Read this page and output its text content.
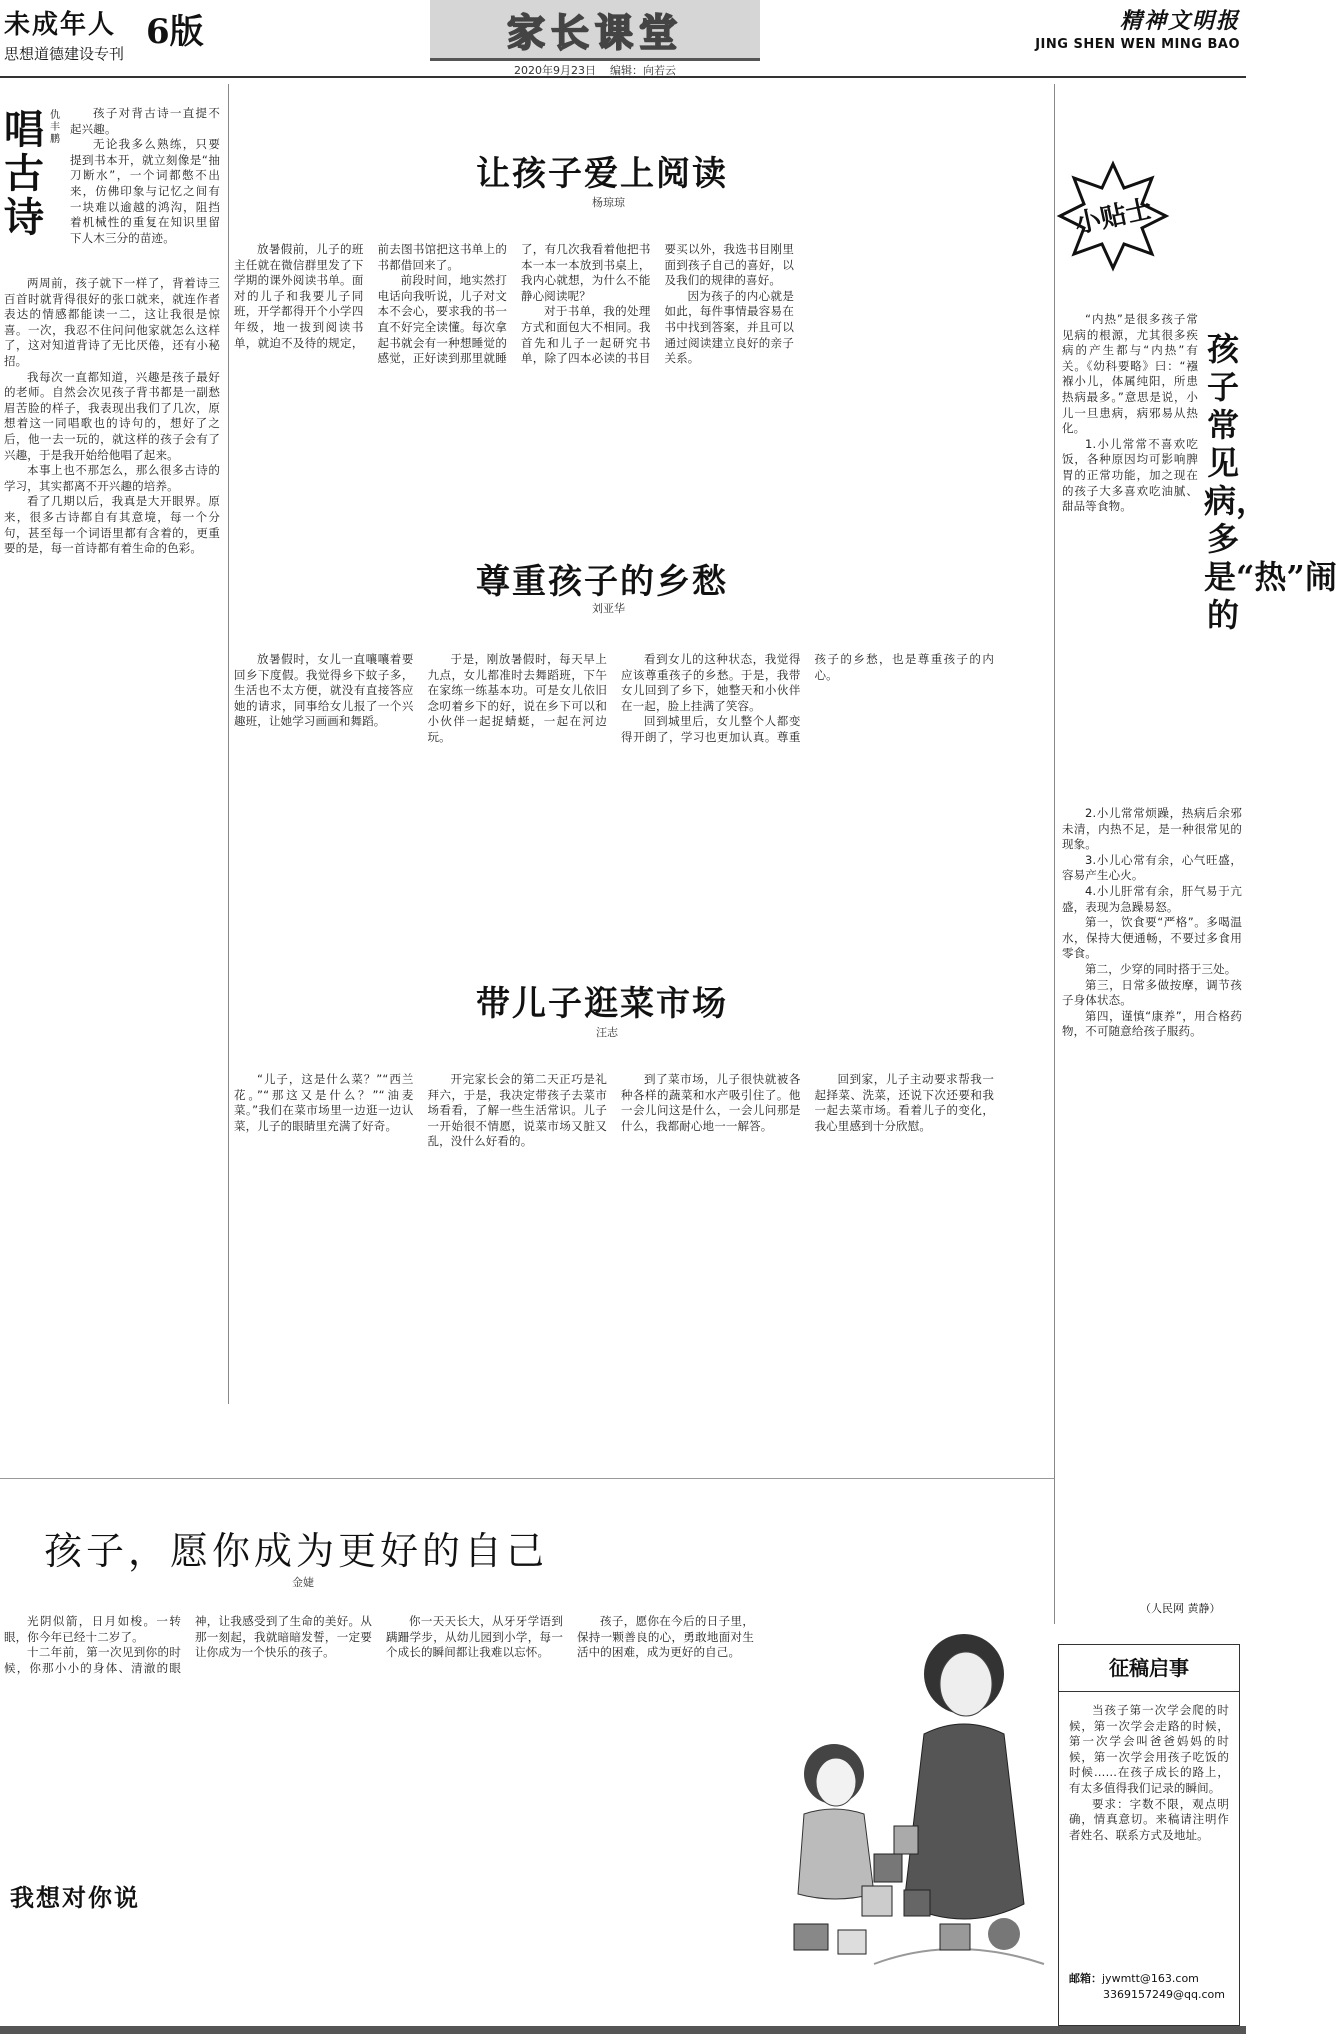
未成年人
思想道德建设专刊
6版	家长课堂
2020年9月23日 编辑：向若云
精神文明报
JING SHEN WEN MING BAO
唱古诗
仇丰鹏

孩子对背古诗一直提不起兴趣。

无论我多么熟练，只要提到书本开，就立刻像是“抽刀断水”，一个词都憋不出来，仿佛印象与记忆之间有一块难以逾越的鸿沟，阻挡着机械性的重复在知识里留下人木三分的苗迹。

两周前，孩子就下一样了，背着诗三百首时就背得很好的张口就来，就连作者表达的情感都能读一二，这让我很是惊喜。一次，我忍不住问问他家就怎么这样了，这对知道背诗了无比厌倦，还有小秘招。

我每次一直都知道，兴趣是孩子最好的老师。自然会次见孩子背书都是一副愁眉苦脸的样子，我表现出我们了几次，原想着这一同唱歌也的诗句的，想好了之后，他一去一玩的，就这样的孩子会有了兴趣，于是我开始给他唱了起来。

本事上也不那怎么，那么很多古诗的学习，其实都离不开兴趣的培养。

看了几期以后，我真是大开眼界。原来，很多古诗都自有其意境，每一个分句，甚至每一个词语里都有含着的，更重要的是，每一首诗都有着生命的色彩。

让孩子爱上阅读
杨琼琼

放暑假前，儿子的班主任就在微信群里发了下学期的课外阅读书单。面对的儿子和我要儿子同班，开学都得开个小学四年级，地一拔到阅读书单，就迫不及待的规定，前去图书馆把这书单上的书都借回来了。

前段时间，地实然打电话向我听说，儿子对文本不会心，要求我的书一直不好完全读懂。每次拿起书就会有一种想睡觉的感觉，正好读到那里就睡了，有几次我看着他把书本一本一本放到书桌上，我内心就想，为什么不能静心阅读呢？

对于书单，我的处理方式和面包大不相同。我首先和儿子一起研究书单，除了四本必读的书目要买以外，我选书目刚里面到孩子自己的喜好，以及我们的规律的喜好。

因为孩子的内心就是如此，每件事情最容易在书中找到答案，并且可以通过阅读建立良好的亲子关系。

尊重孩子的乡愁
刘亚华

放暑假时，女儿一直嚷嚷着要回乡下度假。我觉得乡下蚊子多，生活也不太方便，就没有直接答应她的请求，同事给女儿报了一个兴趣班，让她学习画画和舞蹈。

于是，刚放暑假时，每天早上九点，女儿都准时去舞蹈班，下午在家练一练基本功。可是女儿依旧念叨着乡下的好，说在乡下可以和小伙伴一起捉蜻蜓，一起在河边玩。

看到女儿的这种状态，我觉得应该尊重孩子的乡愁。于是，我带女儿回到了乡下，她整天和小伙伴在一起，脸上挂满了笑容。

回到城里后，女儿整个人都变得开朗了，学习也更加认真。尊重孩子的乡愁，也是尊重孩子的内心。

带儿子逛菜市场
汪志

“儿子，这是什么菜？”“西兰花。”“那这又是什么？”“油麦菜。”我们在菜市场里一边逛一边认菜，儿子的眼睛里充满了好奇。

开完家长会的第二天正巧是礼拜六，于是，我决定带孩子去菜市场看看，了解一些生活常识。儿子一开始很不情愿，说菜市场又脏又乱，没什么好看的。

到了菜市场，儿子很快就被各种各样的蔬菜和水产吸引住了。他一会儿问这是什么，一会儿问那是什么，我都耐心地一一解答。

回到家，儿子主动要求帮我一起择菜、洗菜，还说下次还要和我一起去菜市场。看着儿子的变化，我心里感到十分欣慰。

小贴士
孩子常见病，多是“热”闹的

“内热”是很多孩子常见病的根源，尤其很多疾病的产生都与“内热”有关。《幼科要略》曰：“襁褓小儿，体属纯阳，所患热病最多。”意思是说，小儿一旦患病，病邪易从热化。

1.小儿常常不喜欢吃饭，各种原因均可影响脾胃的正常功能，加之现在的孩子大多喜欢吃油腻、甜品等食物。

2.小儿常常烦躁，热病后余邪未清，内热不足，是一种很常见的现象。

3.小儿心常有余，心气旺盛，容易产生心火。

4.小儿肝常有余，肝气易于亢盛，表现为急躁易怒。

第一，饮食要“严格”。多喝温水，保持大便通畅，不要过多食用零食。

第二，少穿的同时搭于三处。

第三，日常多做按摩，调节孩子身体状态。

第四，谨慎“康养”，用合格药物，不可随意给孩子服药。

（人民网 黄静）
孩子，愿你成为更好的自己
金婕

光阴似箭，日月如梭。一转眼，你今年已经十二岁了。

十二年前，第一次见到你的时候，你那小小的身体、清澈的眼神，让我感受到了生命的美好。从那一刻起，我就暗暗发誓，一定要让你成为一个快乐的孩子。

你一天天长大，从牙牙学语到蹒跚学步，从幼儿园到小学，每一个成长的瞬间都让我难以忘怀。

孩子，愿你在今后的日子里，保持一颗善良的心，勇敢地面对生活中的困难，成为更好的自己。

我想对你说
征稿启事

当孩子第一次学会爬的时候，第一次学会走路的时候，第一次学会叫爸爸妈妈的时候，第一次学会用孩子吃饭的时候……在孩子成长的路上，有太多值得我们记录的瞬间。

要求：字数不限，观点明确，情真意切。来稿请注明作者姓名、联系方式及地址。

邮箱：jywmtt@163.com
3369157249@qq.com
